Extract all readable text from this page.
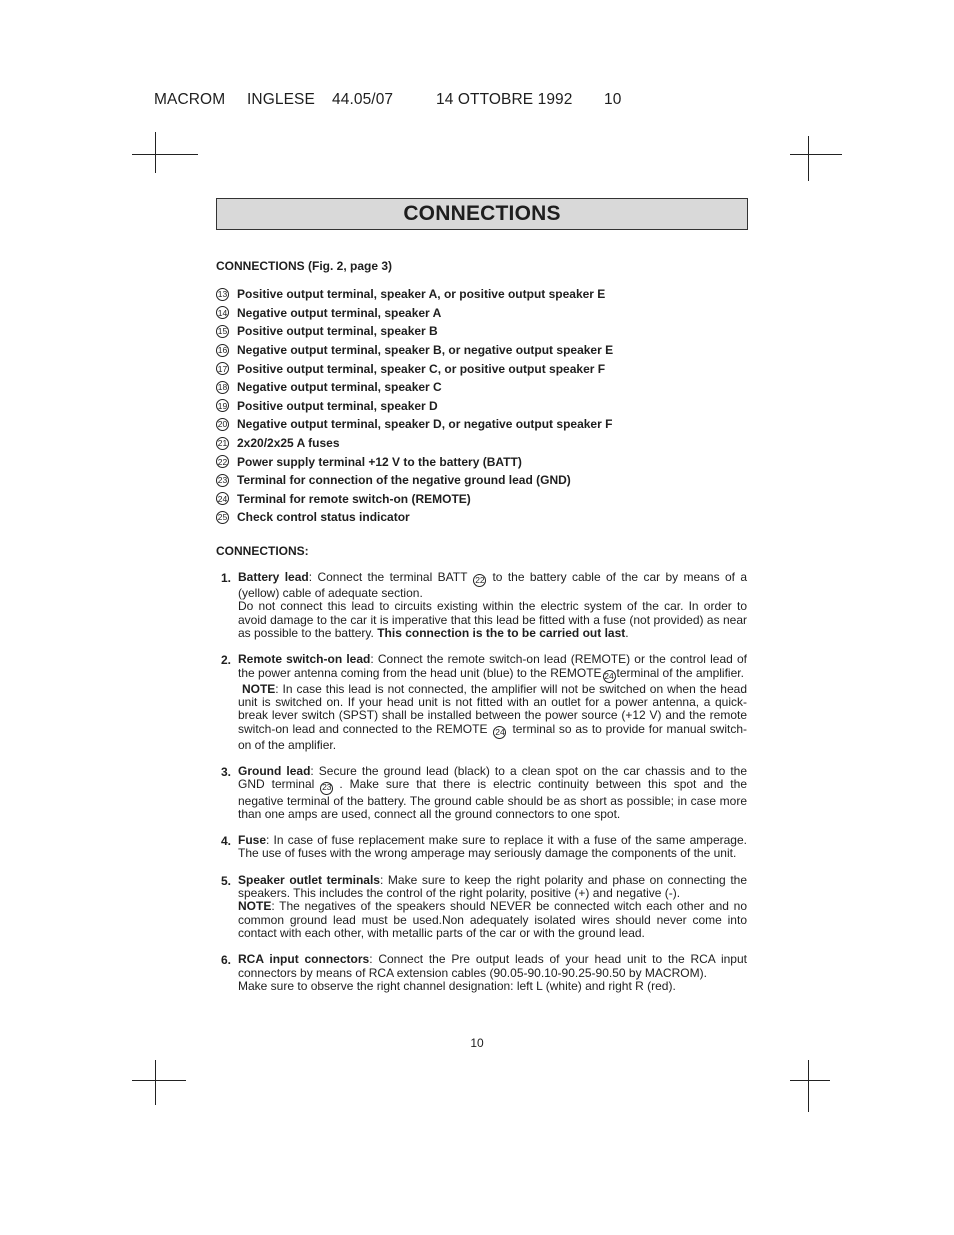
MACROM

INGLESE

44.05/07

	14 OTTOBRE 1992

10

CONNECTIONS
CONNECTIONS (Fig. 2, page 3)
13 Positive output terminal, speaker A, or positive output speaker E
14 Negative output terminal, speaker A
15 Positive output terminal, speaker B
16 Negative output terminal, speaker B, or negative output speaker E
17 Positive output terminal, speaker C, or positive output speaker F
18 Negative output terminal, speaker C
19 Positive output terminal, speaker D
20 Negative output terminal, speaker D, or negative output speaker F
21 2x20/2x25 A fuses
22 Power supply terminal +12 V to the battery (BATT)
23 Terminal for connection of the negative ground lead (GND)
24 Terminal for remote switch-on (REMOTE)
25 Check control status indicator
CONNECTIONS:
1. Battery lead: Connect the terminal BATT 22 to the battery cable of the car by means of a (yellow) cable of adequate section.

Do not connect this lead to circuits existing within the electric system of the car. In order to avoid damage to the car it is imperative that this lead be fitted with a fuse (not provided) as near as possible to the battery. This connection is the to be carried out last.

2. Remote switch-on lead: Connect the remote switch-on lead (REMOTE) or the control lead of the power antenna coming from the head unit (blue) to the REMOTE 24 terminal of the amplifier.

NOTE: In case this lead is not connected, the amplifier will not be switched on when the head unit is switched on. If your head unit is not fitted with an outlet for a power antenna, a quick-break lever switch (SPST) shall be installed between the power source (+12 V) and the remote switch-on lead and connected to the REMOTE 24 terminal so as to provide for manual switch-on of the amplifier.

3. Ground lead: Secure the ground lead (black) to a clean spot on the car chassis and to the GND terminal 23 . Make sure that there is electric continuity between this spot and the negative terminal of the battery. The ground cable should be as short as possible; in case more than one amps are used, connect all the ground connectors to one spot.

4. Fuse: In case of fuse replacement make sure to replace it with a fuse of the same amperage. The use of fuses with the wrong amperage may seriously damage the components of the unit.

5. Speaker outlet terminals: Make sure to keep the right polarity and phase on connecting the speakers. This includes the control of the right polarity, positive (+) and negative (-).

NOTE: The negatives of the speakers should NEVER be connected witch each other and no common ground lead must be used.Non adequately isolated wires should never come into contact with each other, with metallic parts of the car or with the ground lead.

6. RCA input connectors: Connect the Pre output leads of your head unit to the RCA input connectors by means of RCA extension cables (90.05-90.10-90.25-90.50 by MACROM).

Make sure to observe the right channel designation: left L (white) and right R (red).

10
